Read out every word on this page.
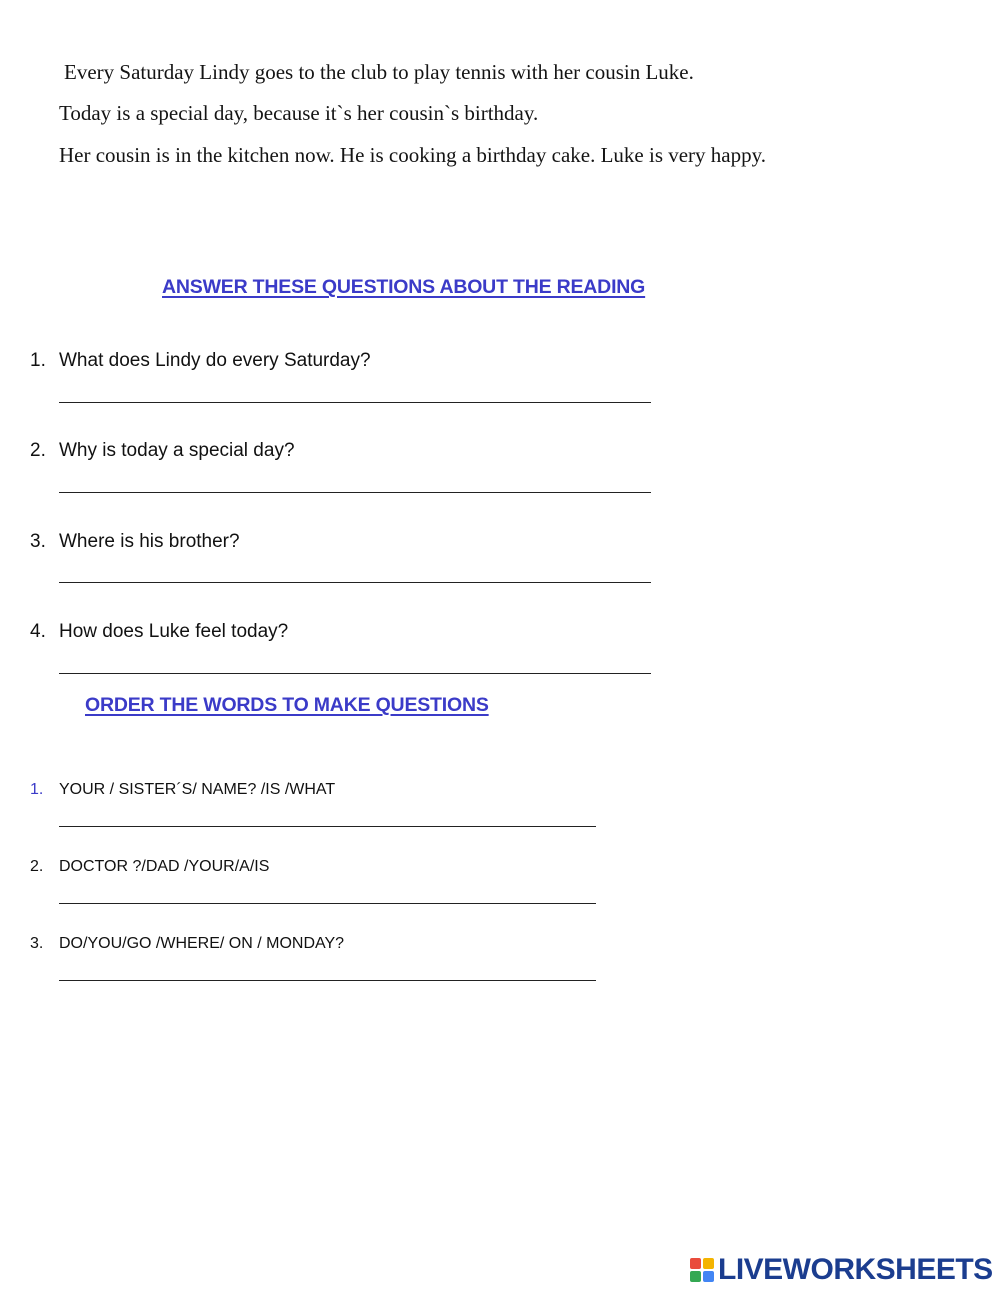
Every Saturday Lindy goes to the club to play tennis with her cousin Luke.
Today is a special day, because it`s her cousin`s birthday.
Her cousin is in the kitchen now. He is cooking a birthday cake. Luke is very happy.
ANSWER THESE QUESTIONS ABOUT THE READING
1. What does Lindy do every Saturday?
2. Why is today a special day?
3. Where is his brother?
4. How does Luke feel today?
ORDER THE WORDS TO MAKE QUESTIONS
1. YOUR / SISTER´S/ NAME? /IS /WHAT
2. DOCTOR ?/DAD /YOUR/A/IS
3. DO/YOU/GO /WHERE/ ON / MONDAY?
LIVEWORKSHEETS
